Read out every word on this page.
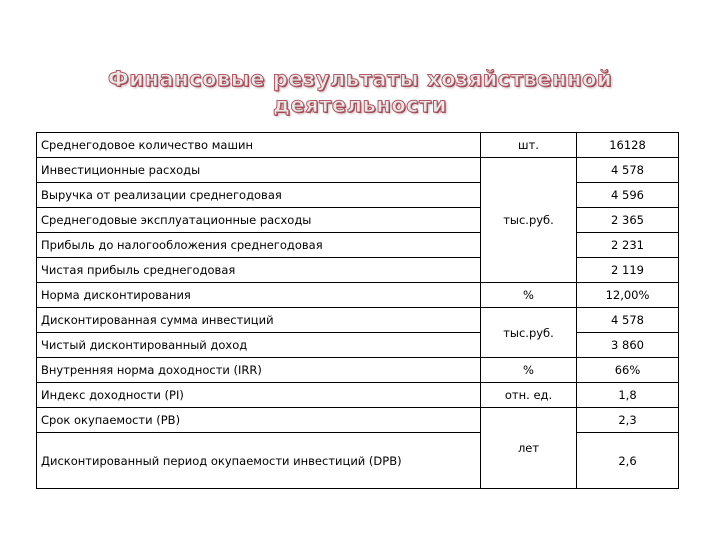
Финансовые результаты хозяйственной
деятельности
Среднегодовое количество машин	шт.	16128
Инвестиционные расходы	тыс.руб.	4 578
Выручка от реализации среднегодовая		4 596
Среднегодовые эксплуатационные расходы		2 365
Прибыль до налогообложения среднегодовая		2 231
Чистая прибыль среднегодовая		2 119
Норма дисконтирования	%	12,00%
Дисконтированная сумма инвестиций	тыс.руб.	4 578
Чистый дисконтированный доход		3 860
Внутренняя норма доходности (IRR)	%	66%
Индекс доходности (PI)	отн. ед.	1,8
Срок окупаемости (PB)	лет	2,3
Дисконтированный период окупаемости инвестиций (DPB)		2,6
